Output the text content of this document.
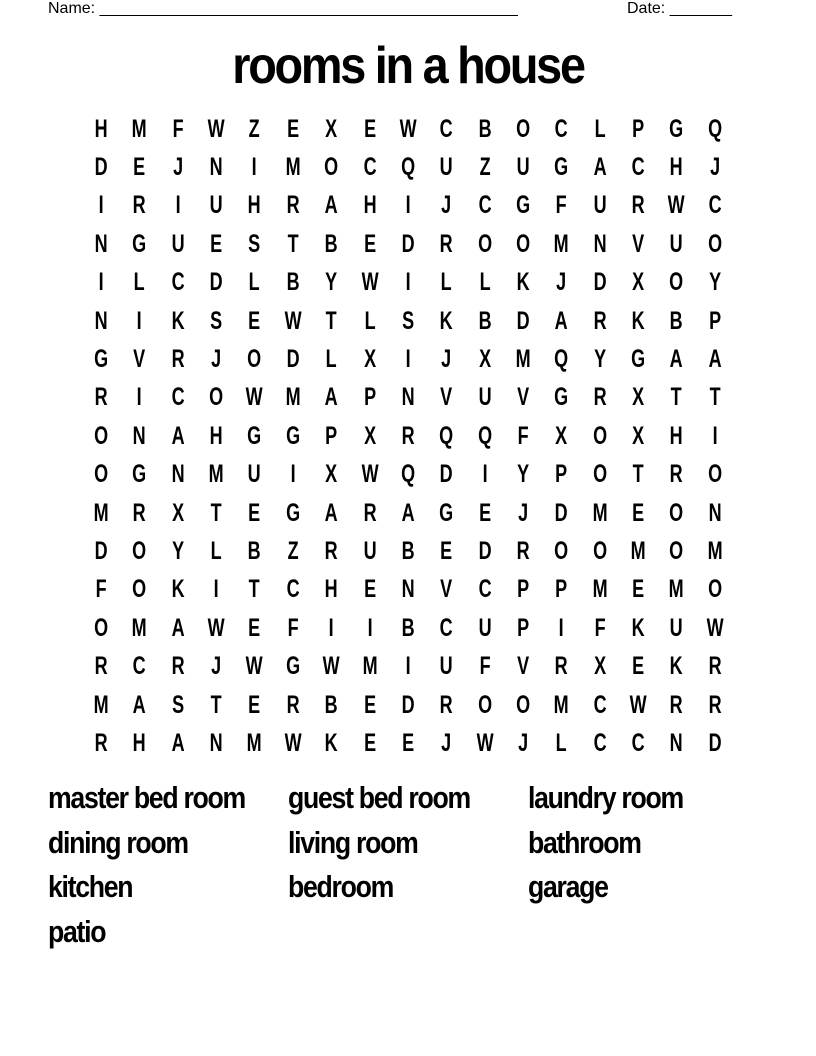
Name: _______________________________________________	Date: _______
rooms in a house
H M	F W Z	E	X	E W C B O C	L	P	G Q
D	E	J	N	I	M O C Q U	Z	U G A C H	J
I	R	I	U H R A H	I	J	C G	F	U R W C
N G U	E	S	T	B	E	D R O O M N	V	U O
I	L	C D	L	B	Y W	I	L	L	K	J	D	X	O	Y
N	I	K	S	E W T	L	S	K B D A R K B	P
G	V	R	J	O D	L	X	I	J	X M Q	Y	G A A
R	I	C O W M A	P	N	V	U	V	G R	X	T	T
O N A H G G	P	X	R Q Q	F	X	O	X	H	I
O G N M U	I	X W Q D	I	Y	P	O	T	R O
M R	X	T	E	G A R A G	E	J	D M E	O N
D O	Y	L	B	Z	R U B	E	D R O O M O M
F	O K	I	T	C H	E	N	V	C	P	P M E M O
O M A W E	F	I	I	B C U	P	I	F	K U W
R C R	J W G W M	I	U	F	V	R	X	E	K R
M A	S	T	E	R B	E	D R O O M C W R R
R H A N M W K	E	E	J W J	L	C C N D
master bed room	guest bed room	laundry room
dining room	living room	bathroom
kitchen	bedroom	garage
patio
